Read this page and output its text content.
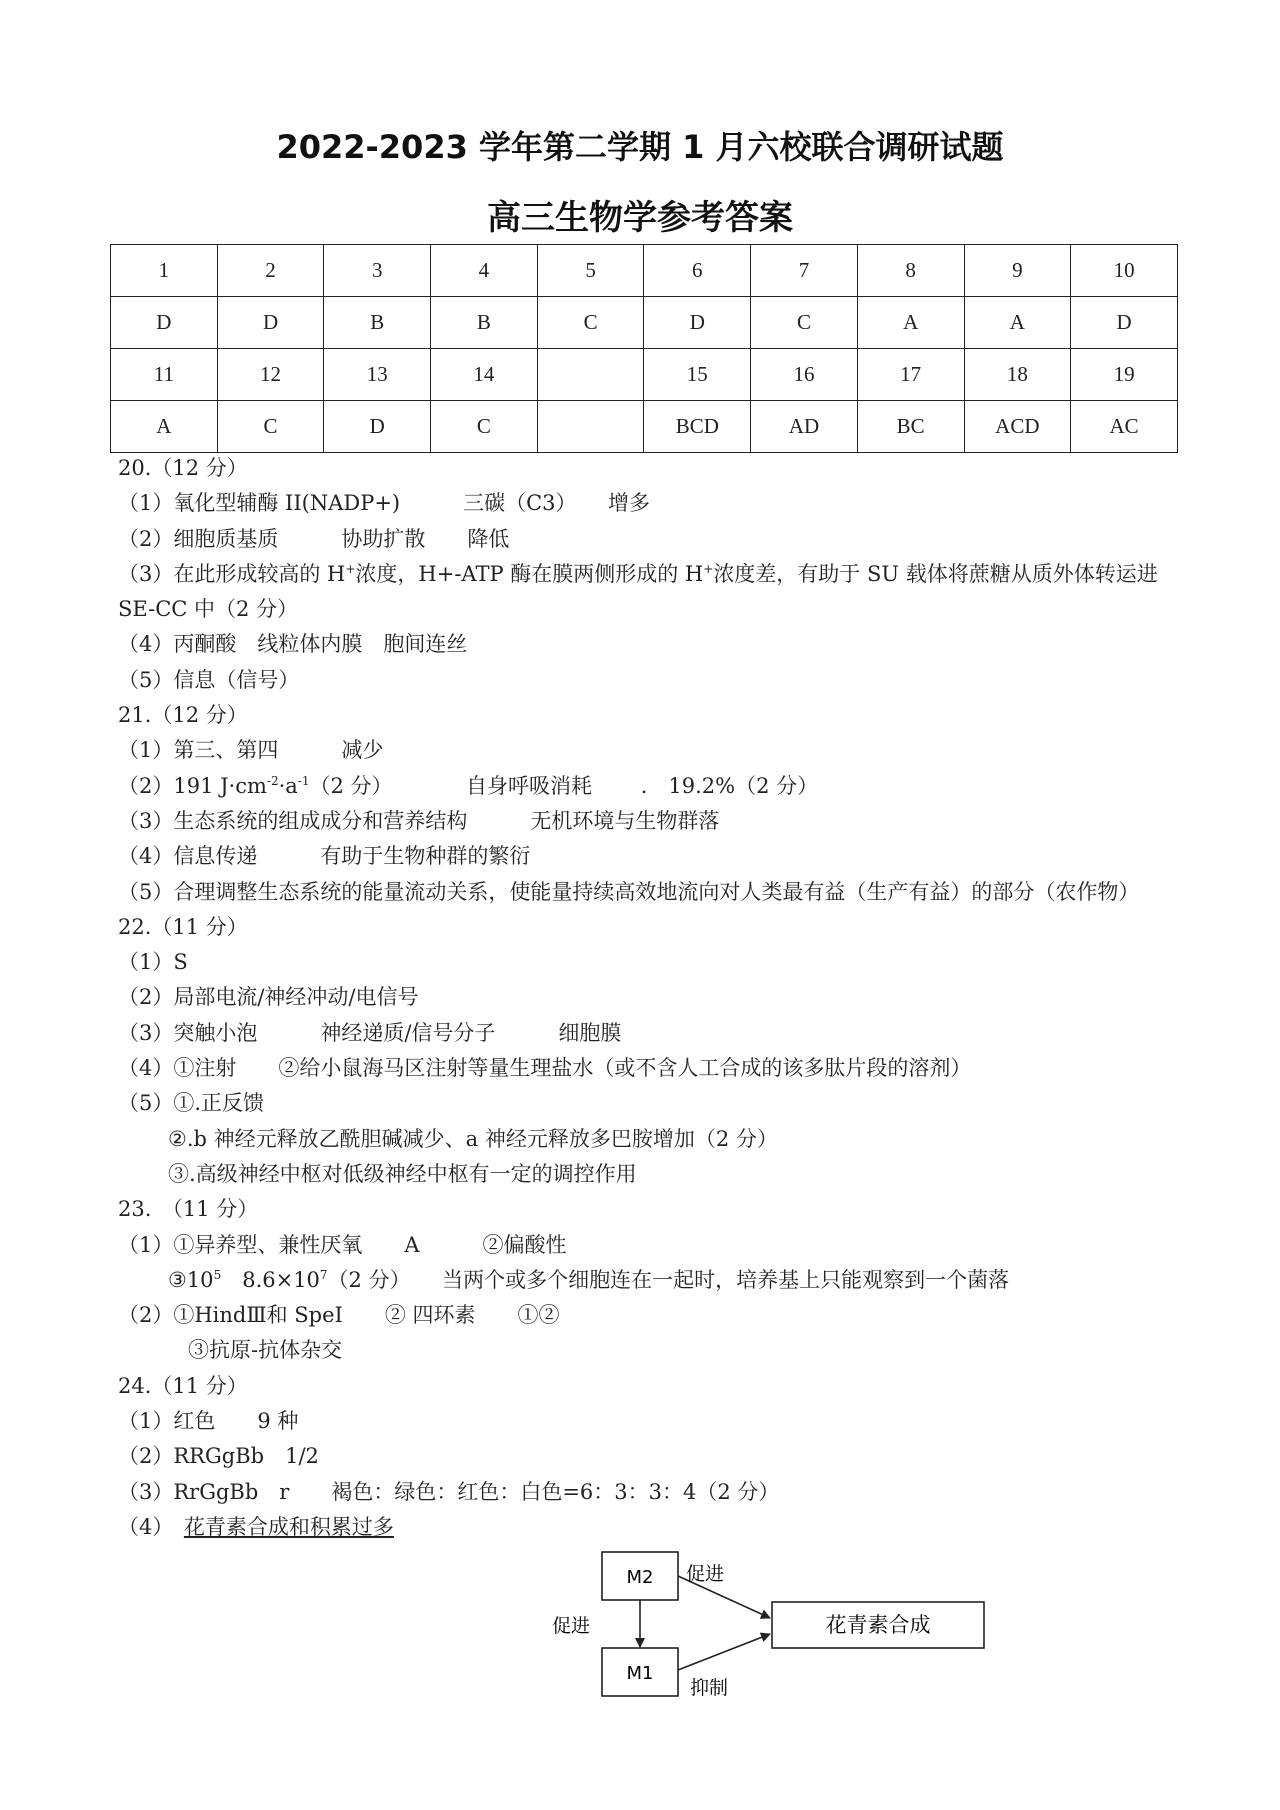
2022-2023 学年第二学期 1 月六校联合调研试题
高三生物学参考答案
1	2	3	4	5	6	7	8	9	10
D	D	B	B	C	D	C	A	A	D
11	12	13	14		15	16	17	18	19
A	C	D	C		BCD	AD	BC	ACD	AC
20.（12 分）
（1）氧化型辅酶 II(NADP+)　　　三碳（C3）　　增多
（2）细胞质基质　　　协助扩散　　降低
（3）在此形成较高的 H+浓度，H+-ATP 酶在膜两侧形成的 H+浓度差，有助于 SU 载体将蔗糖从质外体转运进 SE-CC 中（2 分）
（4）丙酮酸　线粒体内膜　胞间连丝
（5）信息（信号）
21.（12 分）
（1）第三、第四　　　减少
（2）191 $J\cdot cm^{-2}\cdot a^{-1}(2$ 分）　　　　自身呼吸消耗　　 .　19.2%（2 分）
（3）生态系统的组成成分和营养结构　　　无机环境与生物群落
（4）信息传递　　　有助于生物种群的繁衍
（5）合理调整生态系统的能量流动关系，使能量持续高效地流向对人类最有益（生产有益）的部分（农作物）
22.（11 分）
（1）S
（2）局部电流/神经冲动/电信号
（3）突触小泡　　　神经递质/信号分子　　　细胞膜
（4）①注射　　②给小鼠海马区注射等量生理盐水（或不含人工合成的该多肽片段的溶剂）
（5）①.正反馈
②.b 神经元释放乙酰胆碱减少、a 神经元释放多巴胺增加（2 分）
③.高级神经中枢对低级神经中枢有一定的调控作用
23.　（11 分）
（1）①异养型、兼性厌氧　　A　　　②偏酸性
$③10^5$　$8.6\times 10^7(2$ 分）　　当两个或多个细胞连在一起时，培养基上只能观察到一个菌落
（2）①HindⅢ和 SpeⅠ　　② 四环素　　①②
③抗原-抗体杂交
24.（11 分）
（1）红色　　9 种
（2）RRGgBb　1/2
（3）RrGgBb　r　　褐色：绿色：红色：白色=6：3：3：4（2 分）
（4）　花青素合成和积累过多
M2
M1
花青素合成
促进
促进
抑制
